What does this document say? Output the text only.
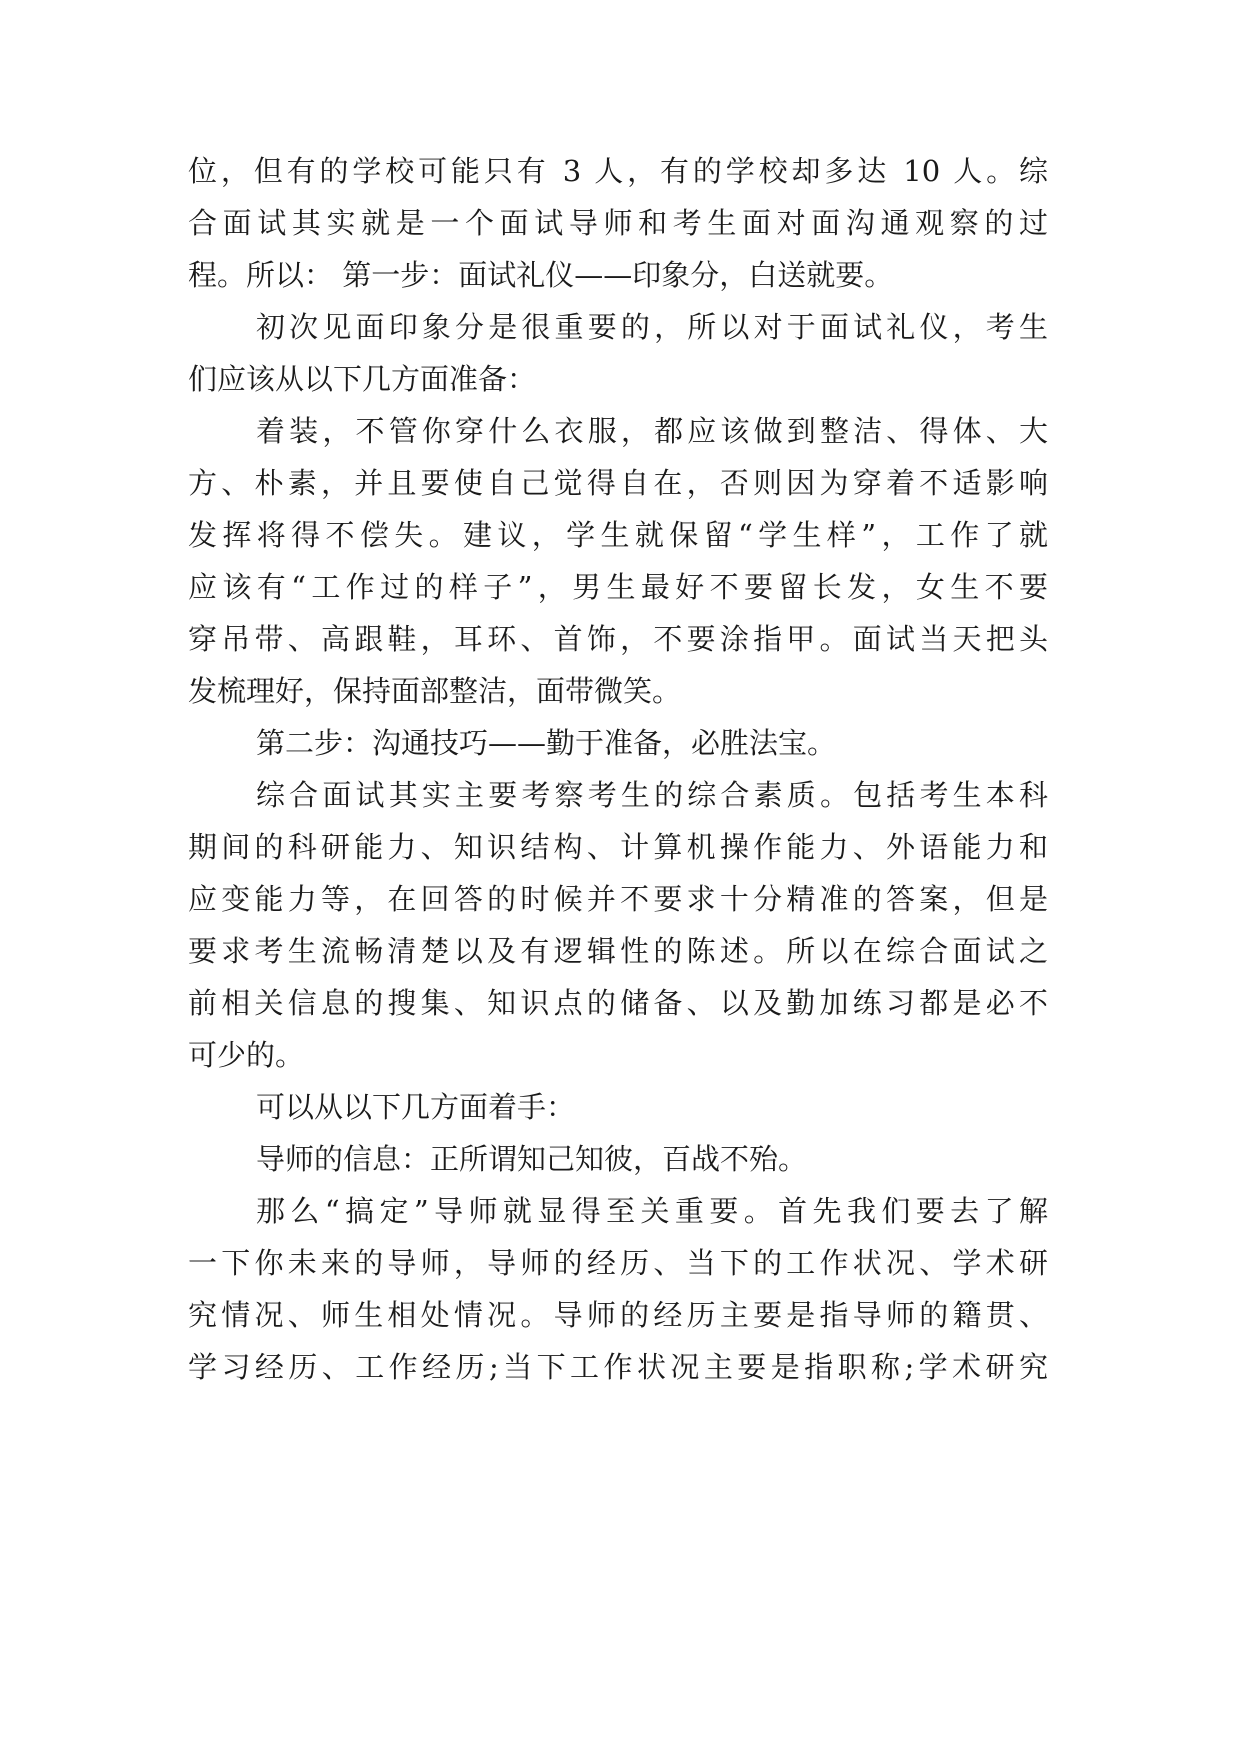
位，但有的学校可能只有 3 人，有的学校却多达 10 人。综
合面试其实就是一个面试导师和考生面对面沟通观察的过
程。所以： 第一步：面试礼仪——印象分，白送就要。
初次见面印象分是很重要的，所以对于面试礼仪，考生
们应该从以下几方面准备：
着装，不管你穿什么衣服，都应该做到整洁、得体、大
方、朴素，并且要使自己觉得自在，否则因为穿着不适影响
发挥将得不偿失。建议，学生就保留“学生样”，工作了就
应该有“工作过的样子”，男生最好不要留长发，女生不要
穿吊带、高跟鞋，耳环、首饰，不要涂指甲。面试当天把头
发梳理好，保持面部整洁，面带微笑。
第二步：沟通技巧——勤于准备，必胜法宝。
综合面试其实主要考察考生的综合素质。包括考生本科
期间的科研能力、知识结构、计算机操作能力、外语能力和
应变能力等，在回答的时候并不要求十分精准的答案，但是
要求考生流畅清楚以及有逻辑性的陈述。所以在综合面试之
前相关信息的搜集、知识点的储备、以及勤加练习都是必不
可少的。
可以从以下几方面着手：
导师的信息：正所谓知己知彼，百战不殆。
那么“搞定”导师就显得至关重要。首先我们要去了解
一下你未来的导师，导师的经历、当下的工作状况、学术研
究情况、师生相处情况。导师的经历主要是指导师的籍贯、
学习经历、工作经历;当下工作状况主要是指职称;学术研究
